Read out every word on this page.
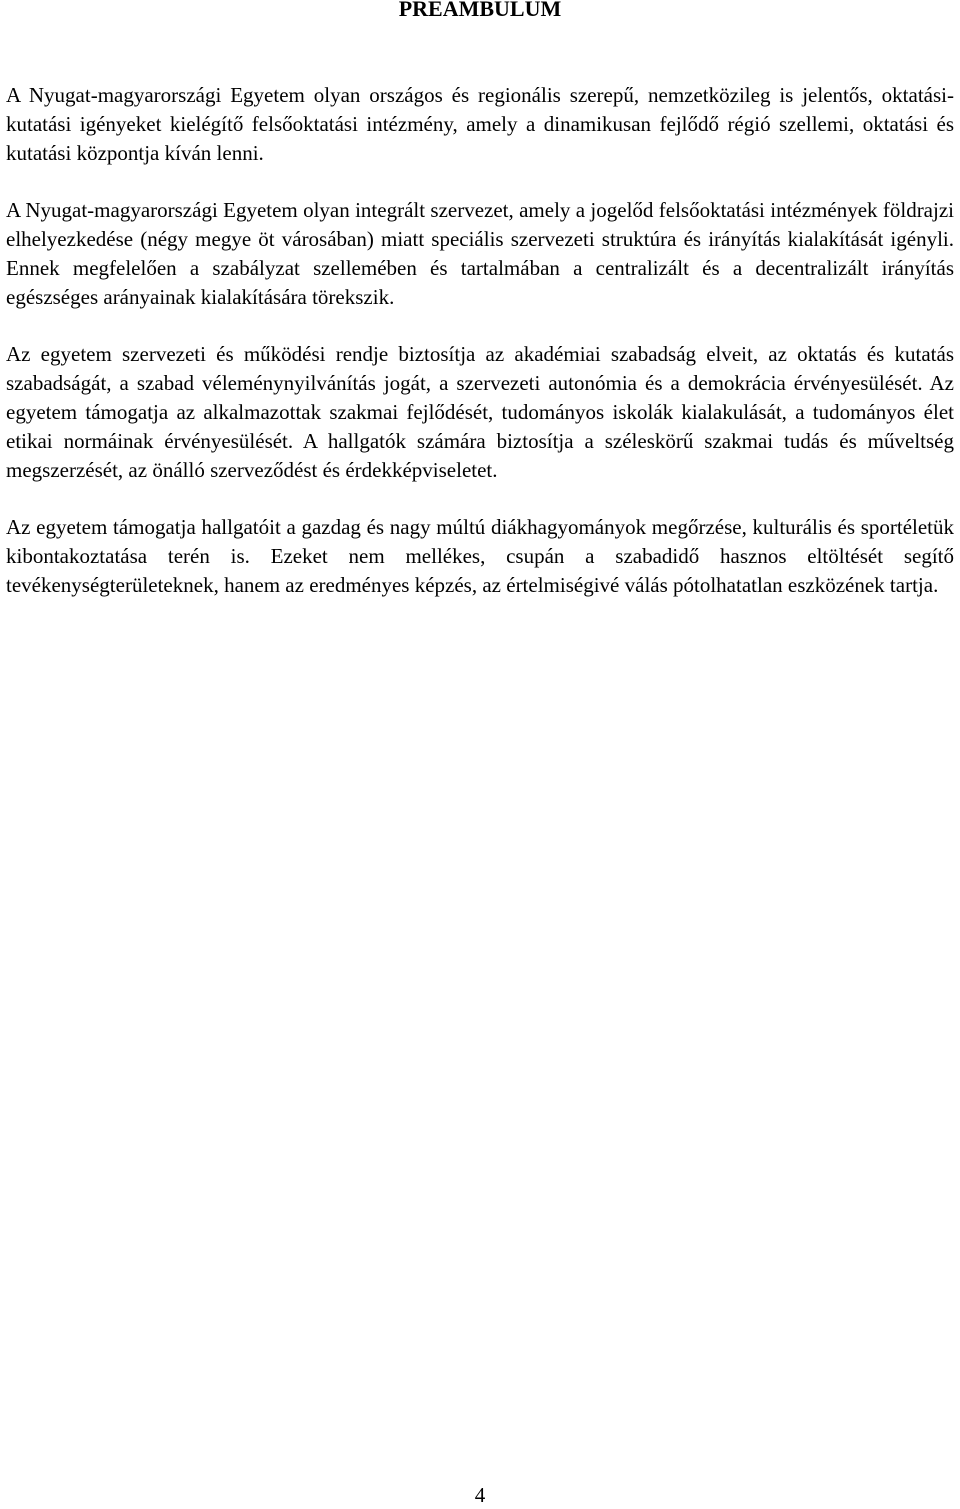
PREAMBULUM

A Nyugat-magyarországi Egyetem olyan országos és regionális szerepű, nemzetközileg is jelentős, oktatási-kutatási igényeket kielégítő felsőoktatási intézmény, amely a dinamikusan fejlődő régió szellemi, oktatási és kutatási központja kíván lenni.

A Nyugat-magyarországi Egyetem olyan integrált szervezet, amely a jogelőd felsőoktatási intézmények földrajzi elhelyezkedése (négy megye öt városában) miatt speciális szervezeti struktúra és irányítás kialakítását igényli. Ennek megfelelően a szabályzat szellemében és tartalmában a centralizált és a decentralizált irányítás egészséges arányainak kialakítására törekszik.

Az egyetem szervezeti és működési rendje biztosítja az akadémiai szabadság elveit, az oktatás és kutatás szabadságát, a szabad véleménynyilvánítás jogát, a szervezeti autonómia és a demokrácia érvényesülését. Az egyetem támogatja az alkalmazottak szakmai fejlődését, tudományos iskolák kialakulását, a tudományos élet etikai normáinak érvényesülését. A hallgatók számára biztosítja a széleskörű szakmai tudás és műveltség megszerzését, az önálló szerveződést és érdekképviseletet.

Az egyetem támogatja hallgatóit a gazdag és nagy múltú diákhagyományok megőrzése, kulturális és sportéletük kibontakoztatása terén is. Ezeket nem mellékes, csupán a szabadidő hasznos eltöltését segítő tevékenységterületeknek, hanem az eredményes képzés, az értelmiségivé válás pótolhatatlan eszközének tartja.

4
